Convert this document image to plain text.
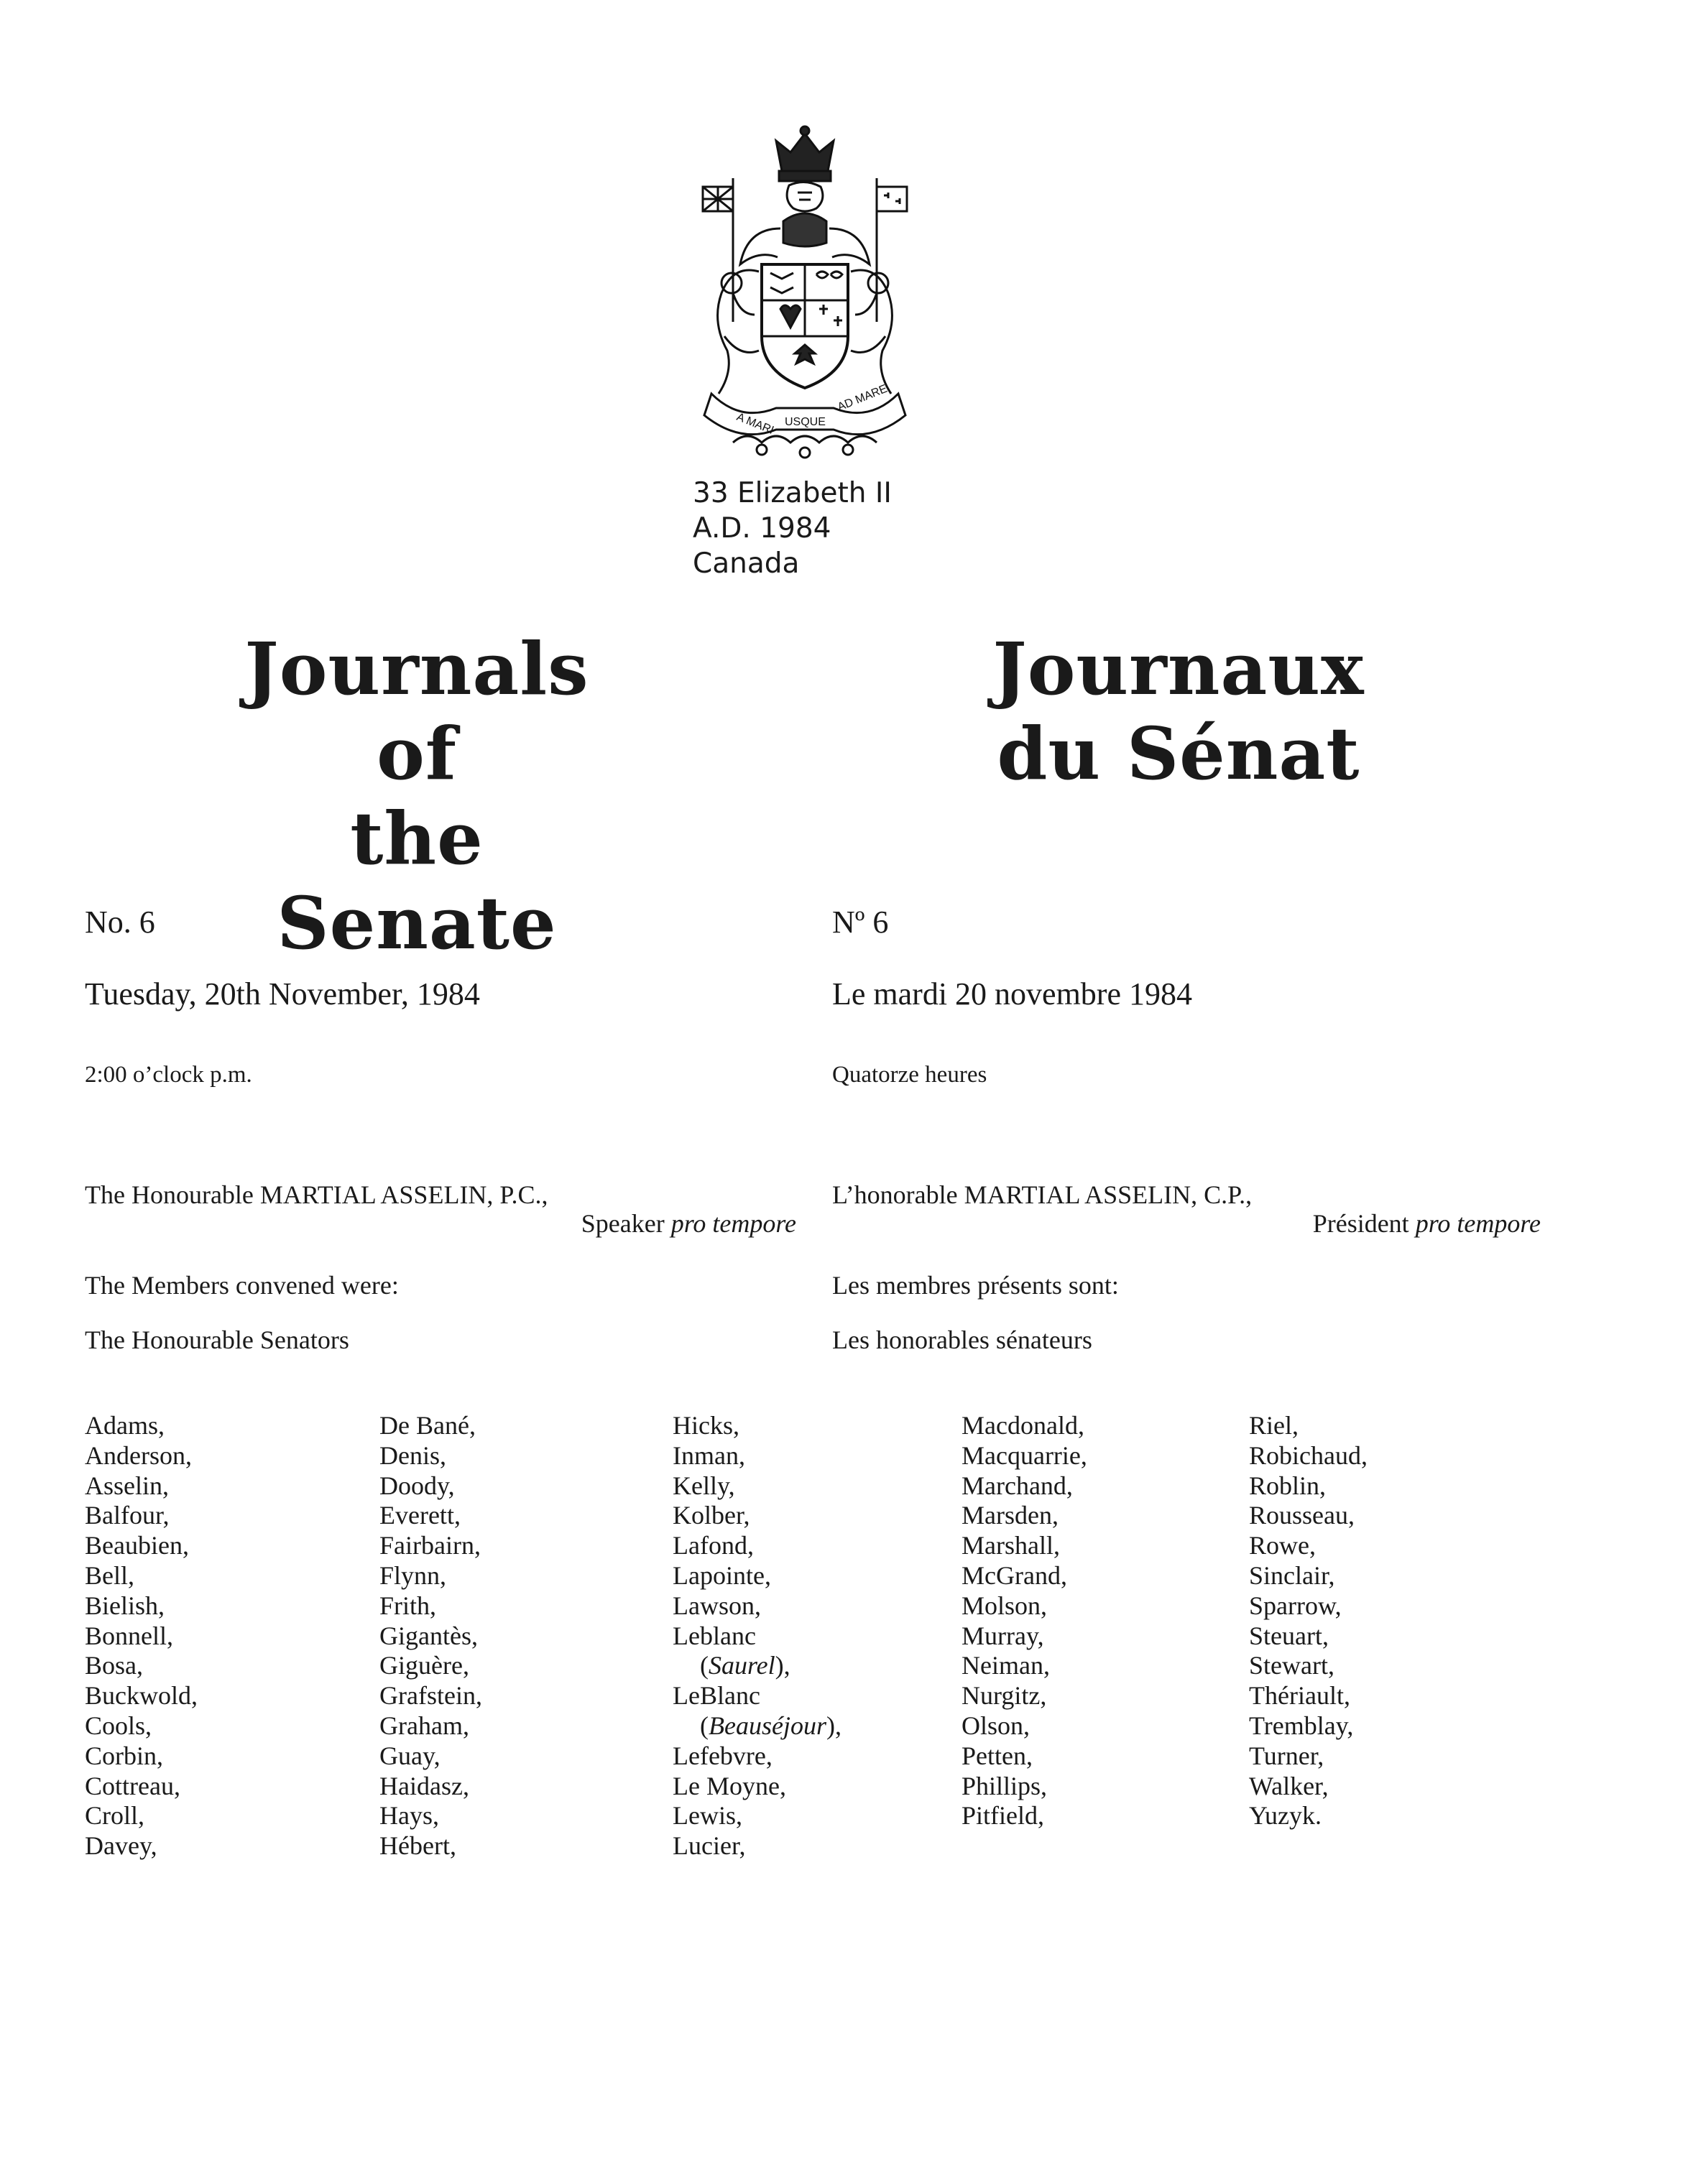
A MARI USQUE
AD MARE
33 Elizabeth II
A.D. 1984
Canada
Journals of
the Senate
Journaux
du Sénat
No. 6
Tuesday, 20th November, 1984
2:00 o’clock p.m.
The Honourable MARTIAL ASSELIN, P.C.,
Speaker pro tempore
The Members convened were:
The Honourable Senators
Nº 6
Le mardi 20 novembre 1984
Quatorze heures
L’honorable MARTIAL ASSELIN, C.P.,
Président pro tempore
Les membres présents sont:
Les honorables sénateurs
Adams,
Anderson,
Asselin,
Balfour,
Beaubien,
Bell,
Bielish,
Bonnell,
Bosa,
Buckwold,
Cools,
Corbin,
Cottreau,
Croll,
Davey,
De Bané,
Denis,
Doody,
Everett,
Fairbairn,
Flynn,
Frith,
Gigantès,
Giguère,
Grafstein,
Graham,
Guay,
Haidasz,
Hays,
Hébert,
Hicks,
Inman,
Kelly,
Kolber,
Lafond,
Lapointe,
Lawson,
Leblanc
(Saurel),
LeBlanc
(Beauséjour),
Lefebvre,
Le Moyne,
Lewis,
Lucier,
Macdonald,
Macquarrie,
Marchand,
Marsden,
Marshall,
McGrand,
Molson,
Murray,
Neiman,
Nurgitz,
Olson,
Petten,
Phillips,
Pitfield,
Riel,
Robichaud,
Roblin,
Rousseau,
Rowe,
Sinclair,
Sparrow,
Steuart,
Stewart,
Thériault,
Tremblay,
Turner,
Walker,
Yuzyk.
